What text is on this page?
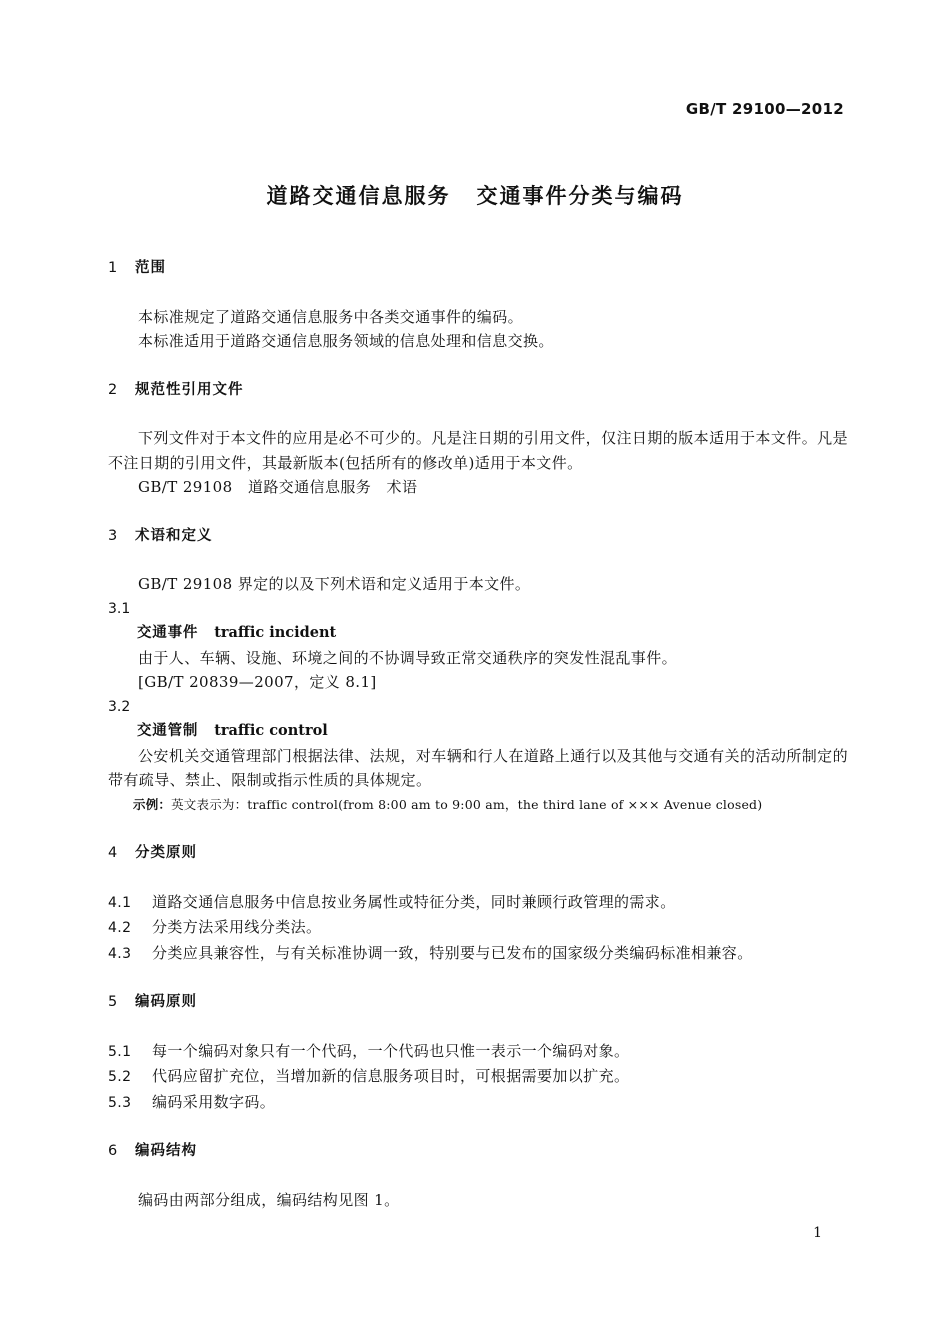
GB/T 29100—2012
道路交通信息服务 交通事件分类与编码

1 范围

本标准规定了道路交通信息服务中各类交通事件的编码。

本标准适用于道路交通信息服务领域的信息处理和信息交换。

2 规范性引用文件

下列文件对于本文件的应用是必不可少的。凡是注日期的引用文件，仅注日期的版本适用于本文件。凡是不注日期的引用文件，其最新版本(包括所有的修改单)适用于本文件。

GB/T 29108　道路交通信息服务　术语

3 术语和定义

GB/T 29108 界定的以及下列术语和定义适用于本文件。

3.1

交通事件 traffic incident

由于人、车辆、设施、环境之间的不协调导致正常交通秩序的突发性混乱事件。

[GB/T 20839—2007，定义 8.1]

3.2

交通管制 traffic control

公安机关交通管理部门根据法律、法规，对车辆和行人在道路上通行以及其他与交通有关的活动所制定的带有疏导、禁止、限制或指示性质的具体规定。

示例：英文表示为：traffic control(from 8:00 am to 9:00 am，the third lane of ××× Avenue closed)

4 分类原则

4.1 道路交通信息服务中信息按业务属性或特征分类，同时兼顾行政管理的需求。

4.2 分类方法采用线分类法。

4.3 分类应具兼容性，与有关标准协调一致，特别要与已发布的国家级分类编码标准相兼容。

5 编码原则

5.1 每一个编码对象只有一个代码，一个代码也只惟一表示一个编码对象。

5.2 代码应留扩充位，当增加新的信息服务项目时，可根据需要加以扩充。

5.3 编码采用数字码。

6 编码结构

编码由两部分组成，编码结构见图 1。

1
